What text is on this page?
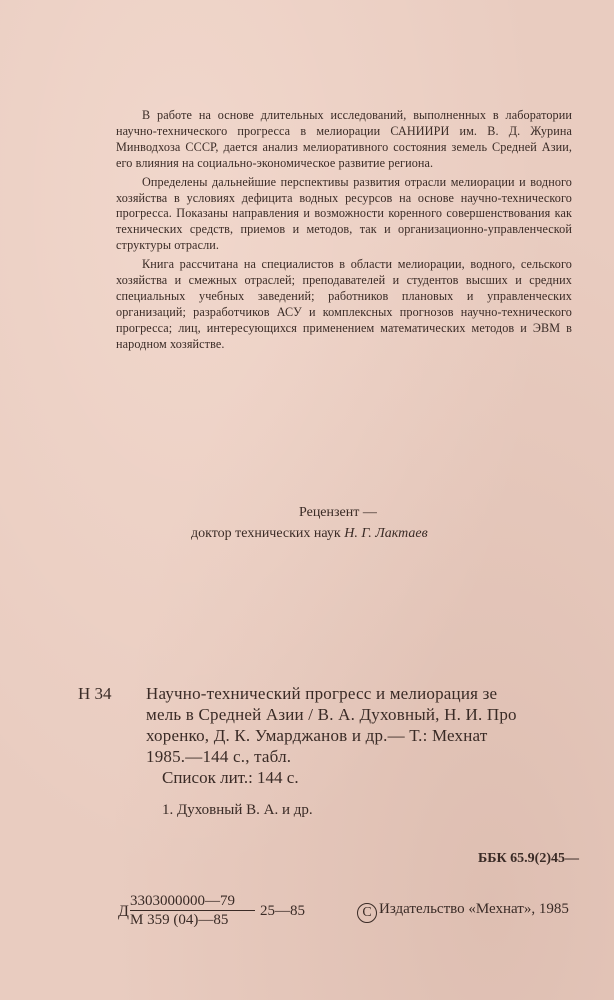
В работе на основе длительных исследований, выполненных в лаборатории научно-технического прогресса в мелиорации САНИИРИ им. В. Д. Журина Минводхоза СССР, дается анализ мелиоративного состояния земель Средней Азии, его влияния на социально-экономическое развитие региона.

Определены дальнейшие перспективы развития отрасли мелиорации и водного хозяйства в условиях дефицита водных ресурсов на основе научно-технического прогресса. Показаны направления и возможности коренного совершенствования как технических средств, приемов и методов, так и организационно-управленческой структуры отрасли.

Книга рассчитана на специалистов в области мелиорации, водного, сельского хозяйства и смежных отраслей; преподавателей и студентов высших и средних специальных учебных заведений; работников плановых и управленческих организаций; разработчиков АСУ и комплексных прогнозов научно-технического прогресса; лиц, интересующихся применением математических методов и ЭВМ в народном хозяйстве.

Рецензент —
доктор технических наук Н. Г. Лактаев
Н 34 Научно-технический прогресс и мелиорация зе
мель в Средней Азии / В. А. Духовный, Н. И. Про
хоренко, Д. К. Умарджанов и др.— Т.: Мехнат
1985.—144 с., табл.
Список лит.: 144 с.
1. Духовный В. А. и др.
ББК 65.9(2)45—
Д
3303000000—79
М 359 (04)—85
25—85	С Издательство «Мехнат», 1985
